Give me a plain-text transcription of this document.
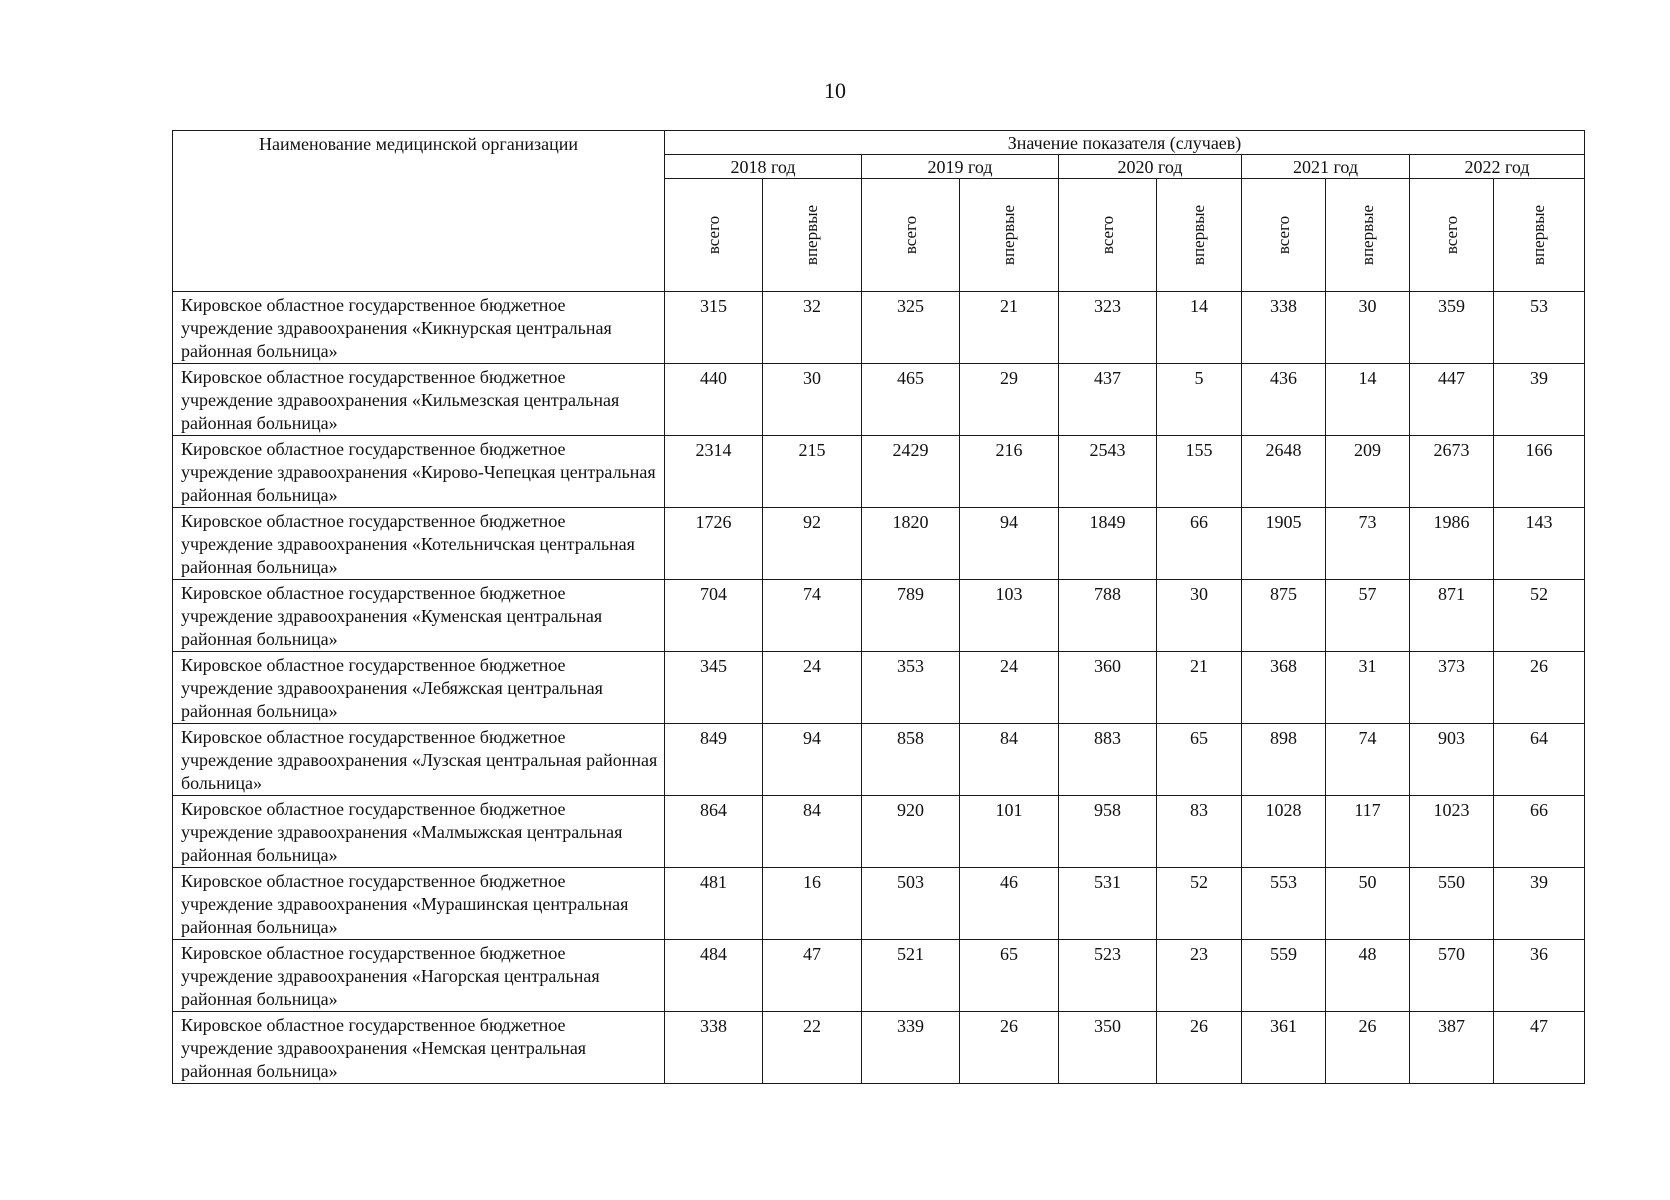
10
Наименование медицинской организации	Значение показателя (случаев)									
	2018 год		2019 год		2020 год		2021 год		2022 год	

	всего	впервые	всего	впервые	всего	впервые	всего	впервые	всего	впервые

Кировское областное государственное бюджетное учреждение здравоохранения «Кикнурская центральная районная больница»	315	32	325	21	323	14	338	30	359	53
Кировское областное государственное бюджетное учреждение здравоохранения «Кильмезская центральная районная больница»	440	30	465	29	437	5	436	14	447	39
Кировское областное государственное бюджетное учреждение здравоохранения «Кирово-Чепецкая центральная районная больница»	2314	215	2429	216	2543	155	2648	209	2673	166
Кировское областное государственное бюджетное учреждение здравоохранения «Котельничская центральная районная больница»	1726	92	1820	94	1849	66	1905	73	1986	143
Кировское областное государственное бюджетное учреждение здравоохранения «Куменская центральная районная больница»	704	74	789	103	788	30	875	57	871	52
Кировское областное государственное бюджетное учреждение здравоохранения «Лебяжская центральная районная больница»	345	24	353	24	360	21	368	31	373	26
Кировское областное государственное бюджетное учреждение здравоохранения «Лузская центральная районная больница»	849	94	858	84	883	65	898	74	903	64
Кировское областное государственное бюджетное учреждение здравоохранения «Малмыжская центральная районная больница»	864	84	920	101	958	83	1028	117	1023	66
Кировское областное государственное бюджетное учреждение здравоохранения «Мурашинская центральная районная больница»	481	16	503	46	531	52	553	50	550	39
Кировское областное государственное бюджетное учреждение здравоохранения «Нагорская центральная районная больница»	484	47	521	65	523	23	559	48	570	36
Кировское областное государственное бюджетное учреждение здравоохранения «Немская центральная районная больница»	338	22	339	26	350	26	361	26	387	47
